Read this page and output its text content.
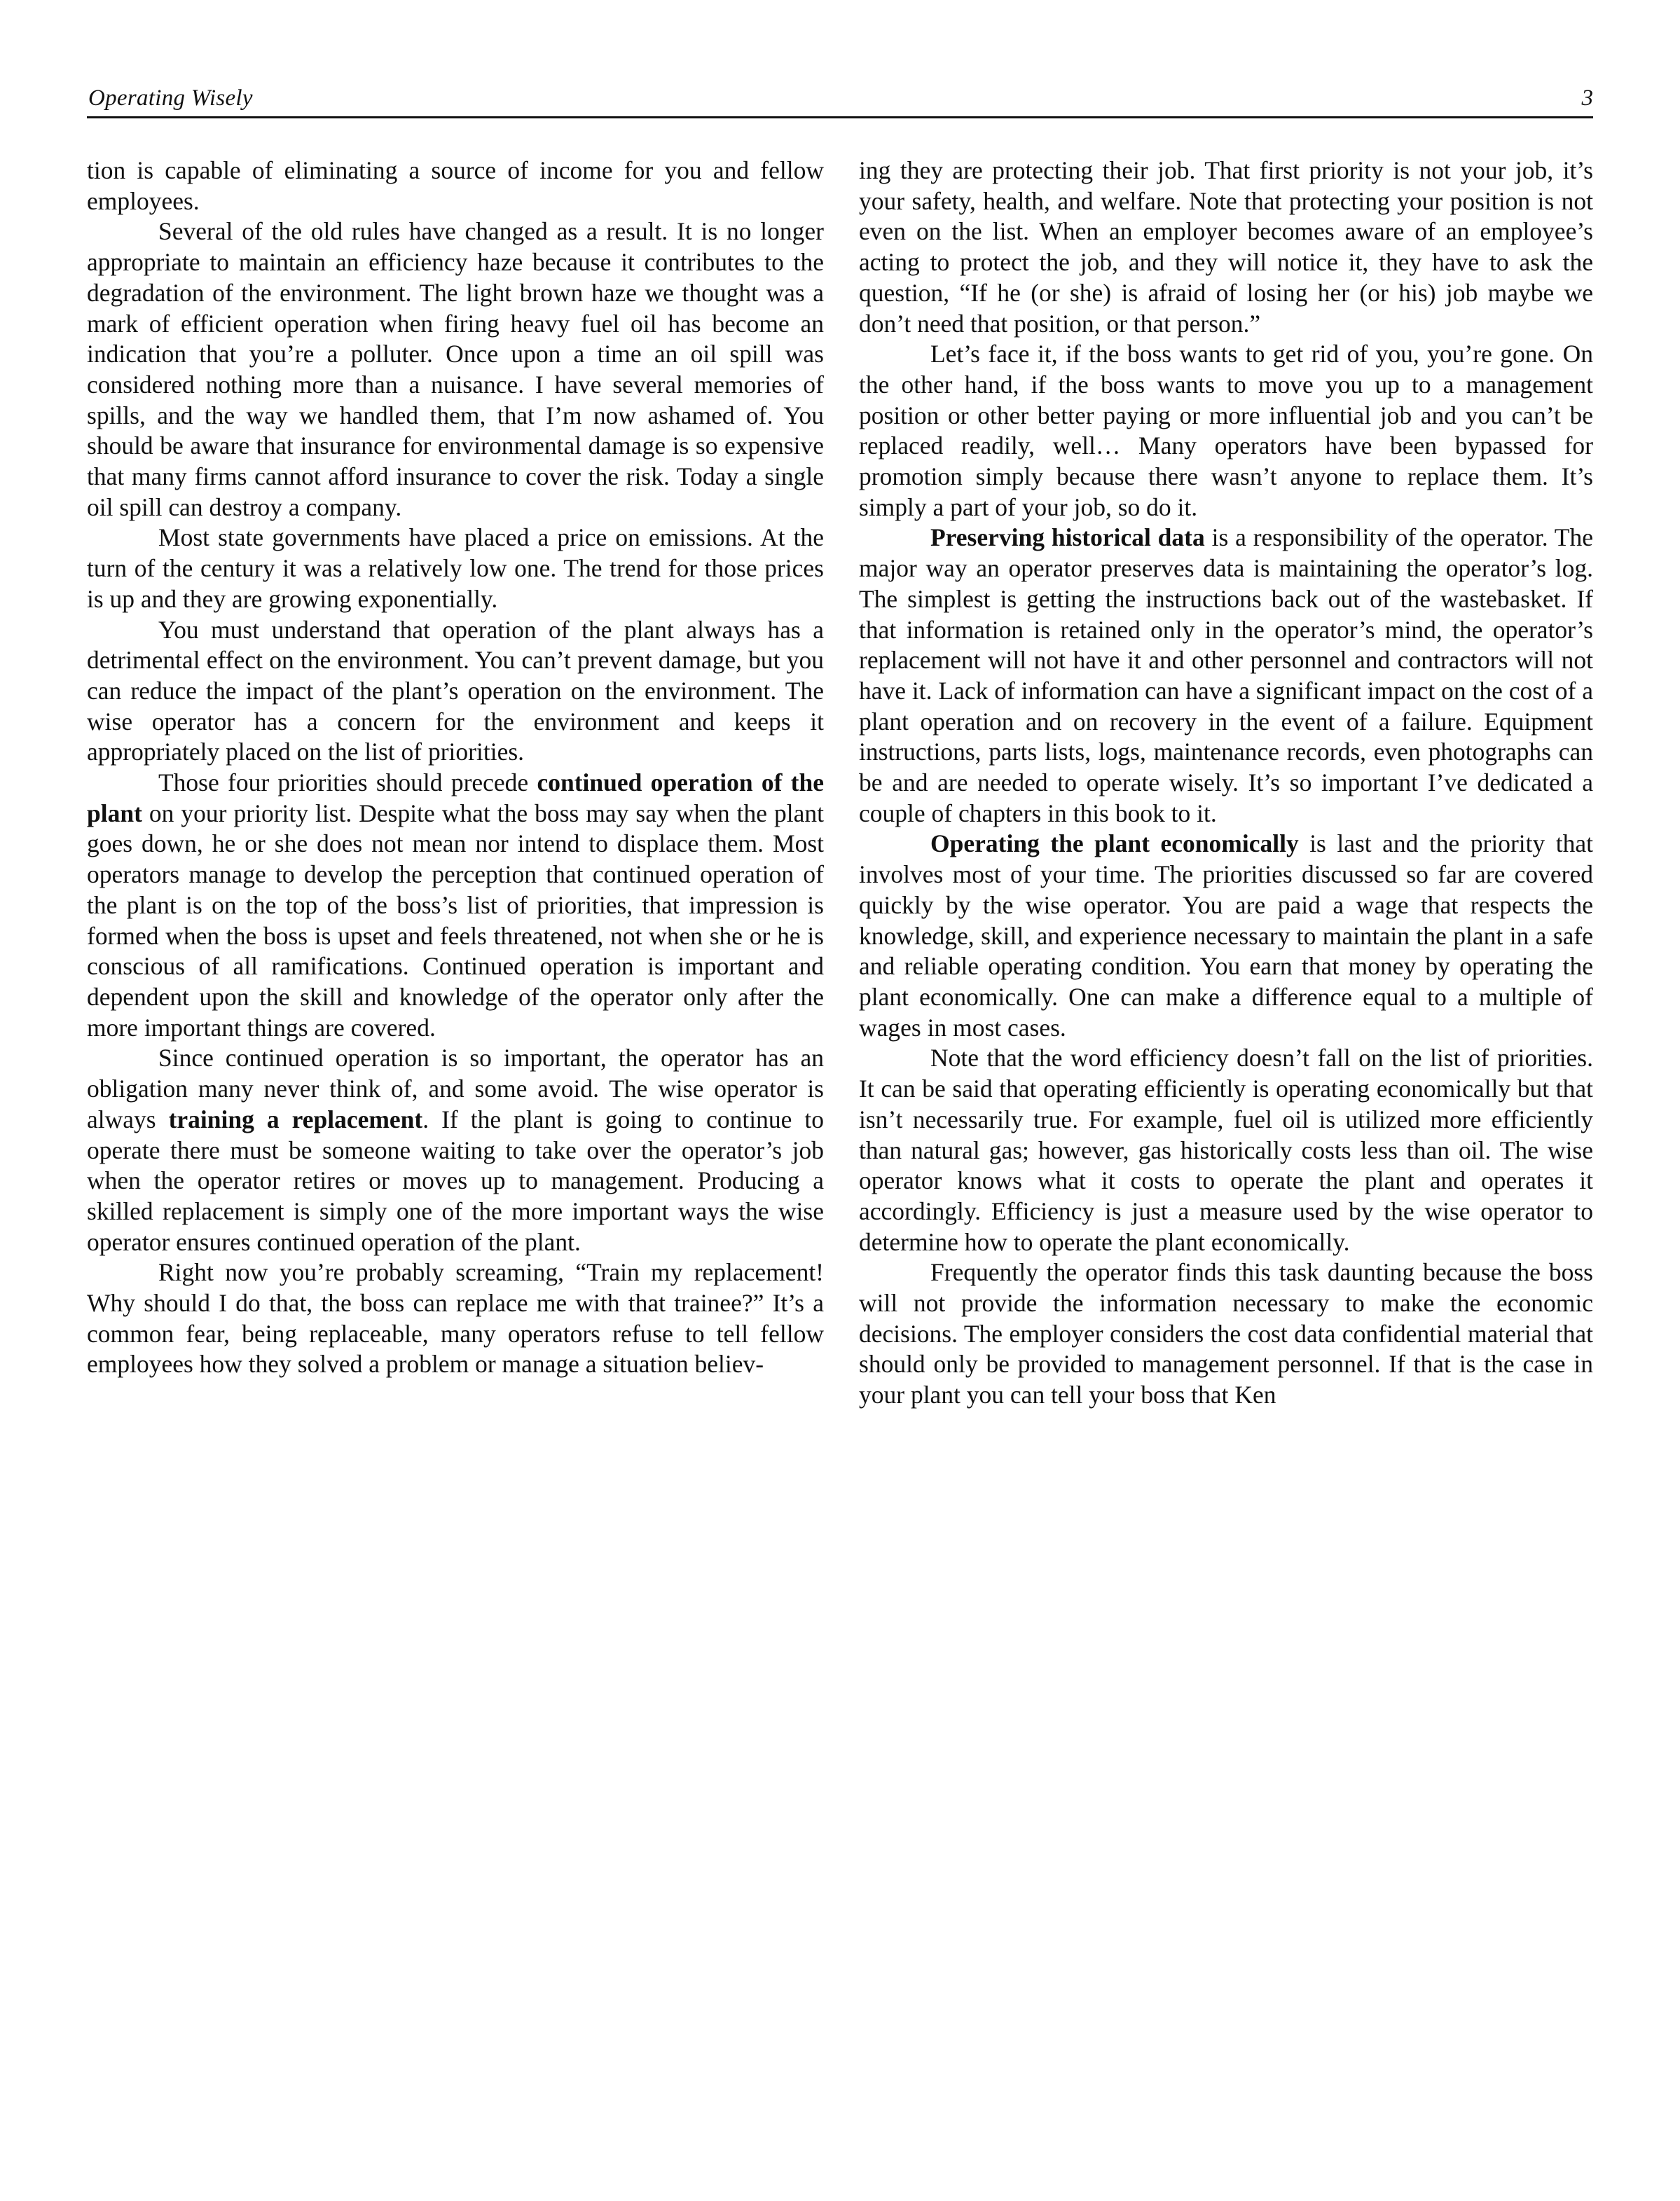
Operating Wisely	3

tion is capable of eliminating a source of income for you and fellow employees.

Several of the old rules have changed as a result. It is no longer appropriate to maintain an efficiency haze because it contributes to the degradation of the environment. The light brown haze we thought was a mark of efficient operation when firing heavy fuel oil has become an indication that you’re a polluter. Once upon a time an oil spill was considered nothing more than a nuisance. I have several memories of spills, and the way we handled them, that I’m now ashamed of. You should be aware that insurance for environmental damage is so expensive that many firms cannot afford insurance to cover the risk. Today a single oil spill can destroy a company.

Most state governments have placed a price on emissions. At the turn of the century it was a relatively low one. The trend for those prices is up and they are growing exponentially.

You must understand that operation of the plant always has a detrimental effect on the environment. You can’t prevent damage, but you can reduce the impact of the plant’s operation on the environment. The wise operator has a concern for the environment and keeps it appropriately placed on the list of priorities.

Those four priorities should precede continued operation of the plant on your priority list. Despite what the boss may say when the plant goes down, he or she does not mean nor intend to displace them. Most operators manage to develop the perception that continued operation of the plant is on the top of the boss’s list of priorities, that impression is formed when the boss is upset and feels threatened, not when she or he is conscious of all ramifications. Continued operation is important and dependent upon the skill and knowledge of the operator only after the more important things are covered.

Since continued operation is so important, the operator has an obligation many never think of, and some avoid. The wise operator is always training a replacement. If the plant is going to continue to operate there must be someone waiting to take over the operator’s job when the operator retires or moves up to management. Producing a skilled replacement is simply one of the more important ways the wise operator ensures continued operation of the plant.

Right now you’re probably screaming, “Train my replacement! Why should I do that, the boss can replace me with that trainee?” It’s a common fear, being replaceable, many operators refuse to tell fellow employees how they solved a problem or manage a situation believ-

ing they are protecting their job. That first priority is not your job, it’s your safety, health, and welfare. Note that protecting your position is not even on the list. When an employer becomes aware of an employee’s acting to protect the job, and they will notice it, they have to ask the question, “If he (or she) is afraid of losing her (or his) job maybe we don’t need that position, or that person.”

Let’s face it, if the boss wants to get rid of you, you’re gone. On the other hand, if the boss wants to move you up to a management position or other better paying or more influential job and you can’t be replaced readily, well… Many operators have been bypassed for promotion simply because there wasn’t anyone to replace them. It’s simply a part of your job, so do it.

Preserving historical data is a responsibility of the operator. The major way an operator preserves data is maintaining the operator’s log. The simplest is getting the instructions back out of the wastebasket. If that information is retained only in the operator’s mind, the operator’s replacement will not have it and other personnel and contractors will not have it. Lack of information can have a significant impact on the cost of a plant operation and on recovery in the event of a failure. Equipment instructions, parts lists, logs, maintenance records, even photographs can be and are needed to operate wisely. It’s so important I’ve dedicated a couple of chapters in this book to it.

Operating the plant economically is last and the priority that involves most of your time. The priorities discussed so far are covered quickly by the wise operator. You are paid a wage that respects the knowledge, skill, and experience necessary to maintain the plant in a safe and reliable operating condition. You earn that money by operating the plant economically. One can make a difference equal to a multiple of wages in most cases.

Note that the word efficiency doesn’t fall on the list of priorities. It can be said that operating efficiently is operating economically but that isn’t necessarily true. For example, fuel oil is utilized more efficiently than natural gas; however, gas historically costs less than oil. The wise operator knows what it costs to operate the plant and operates it accordingly. Efficiency is just a measure used by the wise operator to determine how to operate the plant economically.

Frequently the operator finds this task daunting because the boss will not provide the information necessary to make the economic decisions. The employer considers the cost data confidential material that should only be provided to management personnel. If that is the case in your plant you can tell your boss that Ken
